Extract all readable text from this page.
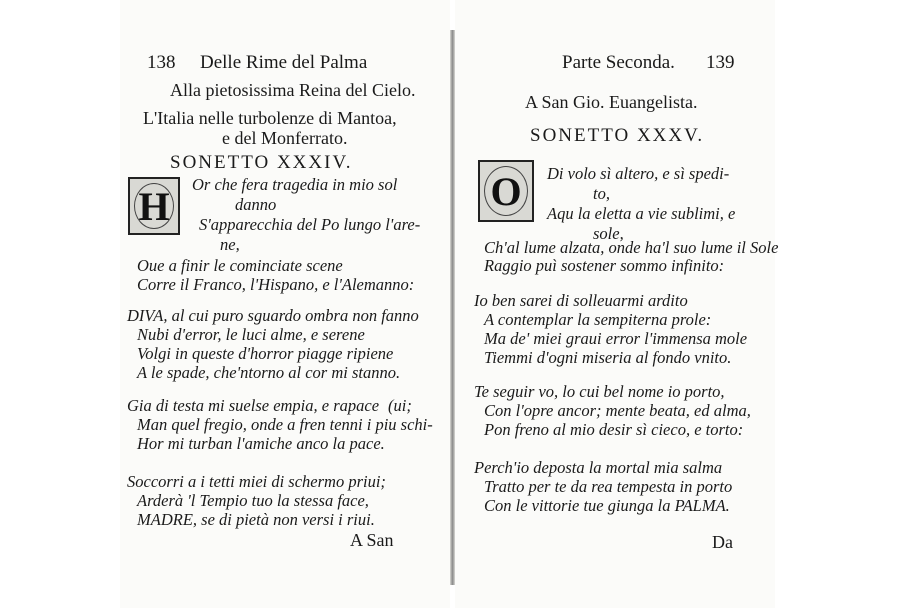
138 Delle Rime del Palma
Alla pietosissima Reina del Cielo.
L'Italia nelle turbolenze di Mantoa,
e del Monferrato.
SONETTO XXXIV.
H	Or che fera tragedia in mio sol
danno
S'apparecchia del Po lungo l'are-
ne,
Oue a finir le cominciate scene
Corre il Franco, l'Hispano, e l'Alemanno:
DIVA, al cui puro sguardo ombra non fanno
Nubi d'error, le luci alme, e serene
Volgi in queste d'horror piagge ripiene
A le spade, che'ntorno al cor mi stanno.
Gia di testa mi suelse empia, e rapace (ui;
Man quel fregio, onde a fren tenni i piu schi-
Hor mi turban l'amiche anco la pace.
Soccorri a i tetti miei di schermo priui;
Arderà 'l Tempio tuo la stessa face,
MADRE, se di pietà non versi i riui.
A San
Parte Seconda. 139
A San Gio. Euangelista.
SONETTO XXXV.
O	Di volo sì altero, e sì spedi-
to,
Aqu la eletta a vie sublimi, e
sole,
Ch'al lume alzata, onde ha'l suo lume il Sole
Raggio puì sostener sommo infinito:
Io ben sarei di solleuarmi ardito
A contemplar la sempiterna prole:
Ma de' miei graui error l'immensa mole
Tiemmi d'ogni miseria al fondo vnito.
Te seguir vo, lo cui bel nome io porto,
Con l'opre ancor; mente beata, ed alma,
Pon freno al mio desir sì cieco, e torto:
Perch'io deposta la mortal mia salma
Tratto per te da rea tempesta in porto
Con le vittorie tue giunga la PALMA.
Da
